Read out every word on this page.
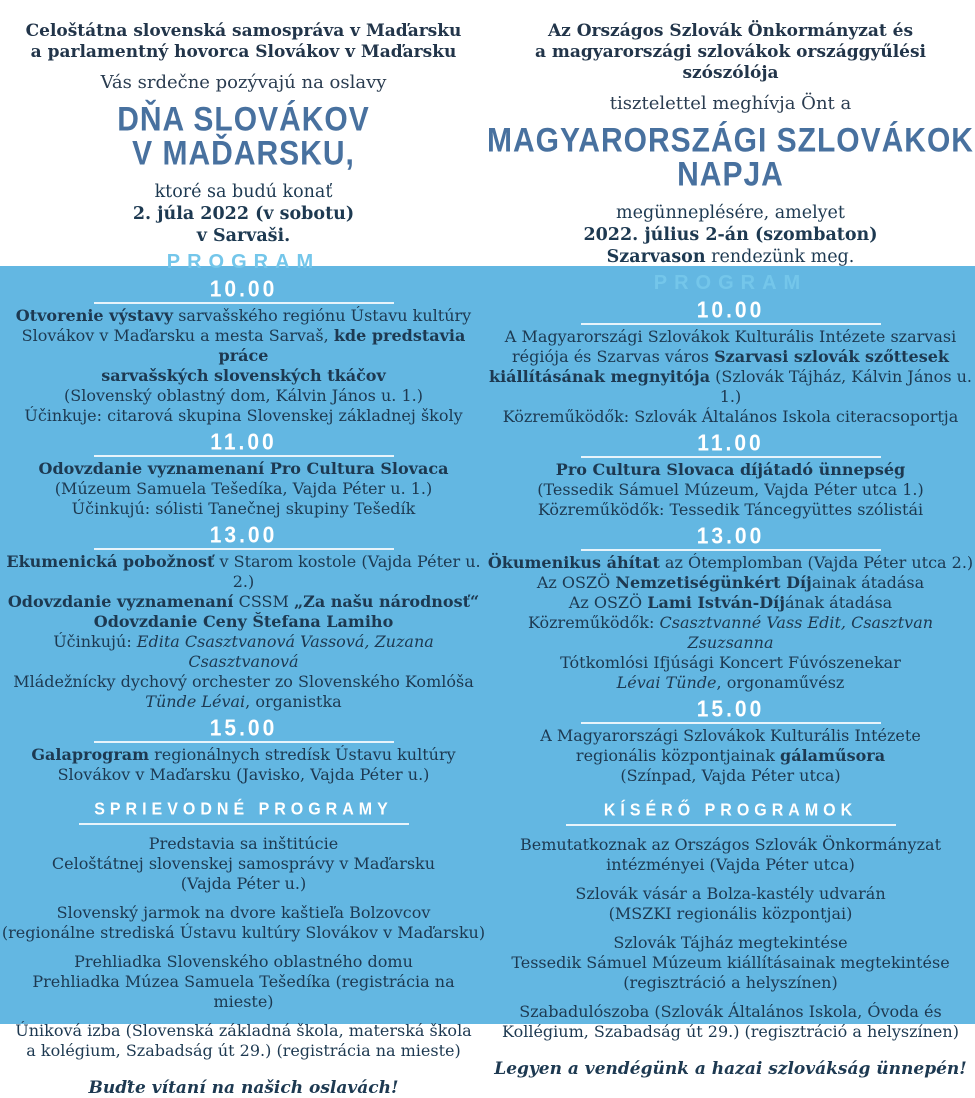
Celoštátna slovenská samospráva v Maďarsku
a parlamentný hovorca Slovákov v Maďarsku
Vás srdečne pozývajú na oslavy
DŇA SLOVÁKOV
V MAĎARSKU,
ktoré sa budú konať
2. júla 2022 (v sobotu)
v Sarvaši.
PROGRAM
10.00
Otvorenie výstavy sarvašského regiónu Ústavu kultúry
Slovákov v Maďarsku a mesta Sarvaš, kde predstavia práce
sarvašských slovenských tkáčov
(Slovenský oblastný dom, Kálvin János u. 1.)
Účinkuje: citarová skupina Slovenskej základnej školy
11.00
Odovzdanie vyznamenaní Pro Cultura Slovaca
(Múzeum Samuela Tešedíka, Vajda Péter u. 1.)
Účinkujú: sólisti Tanečnej skupiny Tešedík
13.00
Ekumenická pobožnosť v Starom kostole (Vajda Péter u. 2.)
Odovzdanie vyznamenaní CSSM „Za našu národnosť“
Odovzdanie Ceny Štefana Lamiho
Účinkujú: Edita Csasztvanová Vassová, Zuzana Csasztvanová
Mládežnícky dychový orchester zo Slovenského Komlóša
Tünde Lévai, organistka
15.00
Galaprogram regionálnych stredísk Ústavu kultúry
Slovákov v Maďarsku (Javisko, Vajda Péter u.)
SPRIEVODNÉ PROGRAMY
Predstavia sa inštitúcie
Celoštátnej slovenskej samosprávy v Maďarsku
(Vajda Péter u.)
Slovenský jarmok na dvore kaštieľa Bolzovcov
(regionálne strediská Ústavu kultúry Slovákov v Maďarsku)
Prehliadka Slovenského oblastného domu
Prehliadka Múzea Samuela Tešedíka (registrácia na mieste)
Úniková izba (Slovenská základná škola, materská škola
a kolégium, Szabadság út 29.) (registrácia na mieste)
Buďte vítaní na našich oslavách!
Az Országos Szlovák Önkormányzat és
a magyarországi szlovákok országgyűlési szószólója
tisztelettel meghívja Önt a
MAGYARORSZÁGI SZLOVÁKOK
NAPJA
megünneplésére, amelyet
2022. július 2-án (szombaton)
Szarvason rendezünk meg.
PROGRAM
10.00
A Magyarországi Szlovákok Kulturális Intézete szarvasi
régiója és Szarvas város Szarvasi szlovák szőttesek
kiállításának megnyitója (Szlovák Tájház, Kálvin János u. 1.)
Közreműködők: Szlovák Általános Iskola citeracsoportja
11.00
Pro Cultura Slovaca díjátadó ünnepség
(Tessedik Sámuel Múzeum, Vajda Péter utca 1.)
Közreműködők: Tessedik Táncegyüttes szólistái
13.00
Ökumenikus áhítat az Ótemplomban (Vajda Péter utca 2.)
Az OSZÖ Nemzetiségünkért Díjainak átadása
Az OSZÖ Lami István-Díjának átadása
Közreműködők: Csasztvanné Vass Edit, Csasztvan Zsuzsanna
Tótkomlósi Ifjúsági Koncert Fúvószenekar
Lévai Tünde, orgonaművész
15.00
A Magyarországi Szlovákok Kulturális Intézete
regionális központjainak gálaműsora
(Színpad, Vajda Péter utca)
KÍSÉRŐ PROGRAMOK
Bemutatkoznak az Országos Szlovák Önkormányzat
intézményei (Vajda Péter utca)
Szlovák vásár a Bolza-kastély udvarán
(MSZKI regionális központjai)
Szlovák Tájház megtekintése
Tessedik Sámuel Múzeum kiállításainak megtekintése
(regisztráció a helyszínen)
Szabadulószoba (Szlovák Általános Iskola, Óvoda és
Kollégium, Szabadság út 29.) (regisztráció a helyszínen)
Legyen a vendégünk a hazai szlovákság ünnepén!
